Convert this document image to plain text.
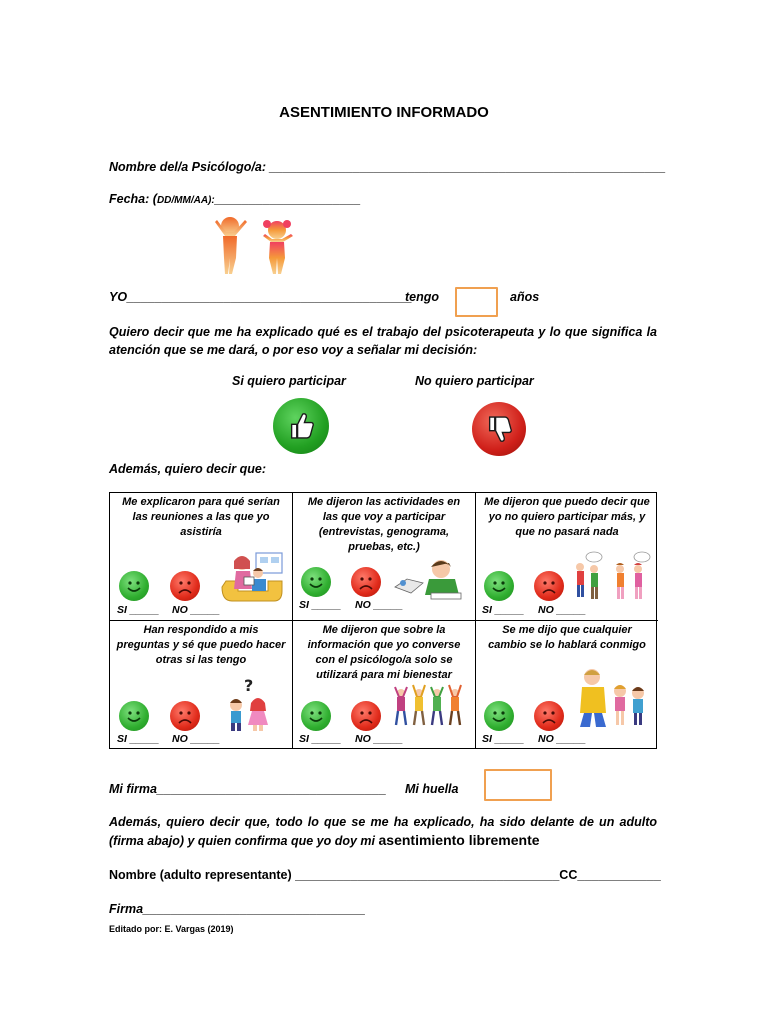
ASENTIMIENTO INFORMADO
Nombre del/a Psicólogo/a: _________________________________________________________
Fecha: (DD/MM/AA):_____________________
YO_________________________________________
tengo	años
Quiero decir que me ha explicado qué es el trabajo del psicoterapeuta y lo que significa la atención que se me dará, o por eso voy a señalar mi decisión:
Si quiero participar	No quiero participar
Además, quiero decir que:
Me explicaron para qué serían las reuniones a las que yo asistiría
SI _____ NO _____
Me dijeron las actividades en las que voy a participar (entrevistas, genograma, pruebas, etc.)
SI _____ NO _____
Me dijeron que puedo decir que yo no quiero participar más, y que no pasará nada
SI _____ NO _____
Han respondido a mis preguntas y sé que puedo hacer otras si las tengo
SI _____ NO _____
?
Me dijeron que sobre la información que yo converse con el psicólogo/a solo se utilizará para mi bienestar
SI _____ NO _____
Se me dijo que cualquier cambio se lo hablará conmigo
SI _____ NO _____
Mi firma_________________________________ Mi huella
Además, quiero decir que, todo lo que se me ha explicado, ha sido delante de un adulto (firma abajo) y quien confirma que yo doy mi asentimiento libremente
Nombre (adulto representante) ______________________________________CC____________
Firma________________________________
Editado por: E. Vargas (2019)
